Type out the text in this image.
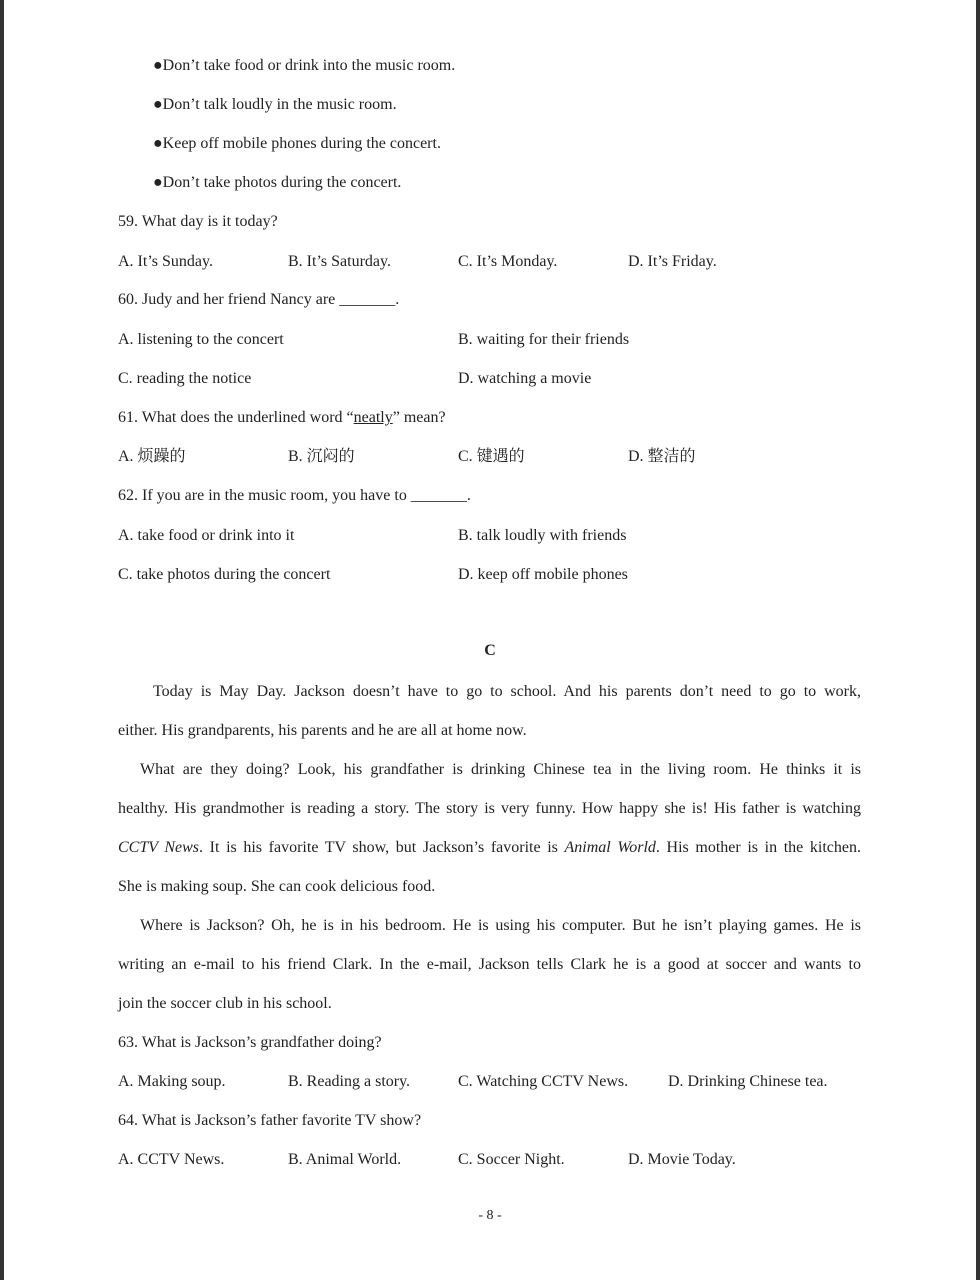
●Don’t take food or drink into the music room.
●Don’t talk loudly in the music room.
●Keep off mobile phones during the concert.
●Don’t take photos during the concert.
59. What day is it today?
A. It’s Sunday.	B. It’s Saturday.	C. It’s Monday.	D. It’s Friday.
60. Judy and her friend Nancy are _______.
A. listening to the concert	B. waiting for their friends
C. reading the notice	D. watching a movie
61. What does the underlined word “neatly” mean?
A. 烦躁的	B. 沉闷的	C. 键遇的	D. 整洁的
62. If you are in the music room, you have to _______.
A. take food or drink into it	B. talk loudly with friends
C. take photos during the concert	D. keep off mobile phones
C
Today is May Day. Jackson doesn’t have to go to school. And his parents don’t need to go to work,
either. His grandparents, his parents and he are all at home now.
What are they doing? Look, his grandfather is drinking Chinese tea in the living room. He thinks it is
healthy. His grandmother is reading a story. The story is very funny. How happy she is! His father is watching
CCTV News. It is his favorite TV show, but Jackson’s favorite is Animal World. His mother is in the kitchen.
She is making soup. She can cook delicious food.
Where is Jackson? Oh, he is in his bedroom. He is using his computer. But he isn’t playing games. He is
writing an e-mail to his friend Clark. In the e-mail, Jackson tells Clark he is a good at soccer and wants to
join the soccer club in his school.
63. What is Jackson’s grandfather doing?
A. Making soup.	B. Reading a story.	C. Watching CCTV News. D. Drinking Chinese tea.
64. What is Jackson’s father favorite TV show?
A. CCTV News.	B. Animal World.	C. Soccer Night.	D. Movie Today.
- 8 -
